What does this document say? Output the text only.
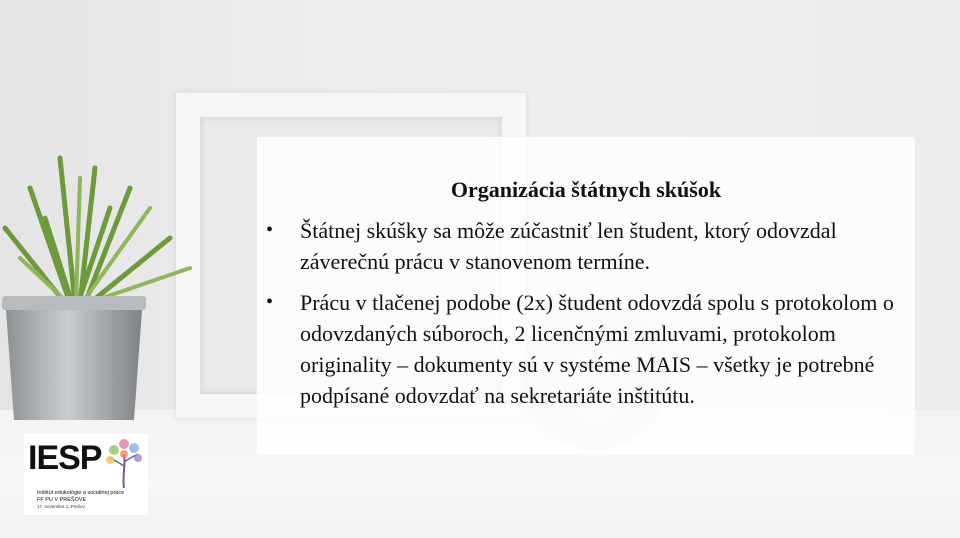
Organizácia štátnych skúšok
• Štátnej skúšky sa môže zúčastniť len študent, ktorý odovzdal záverečnú prácu v stanovenom termíne.
• Prácu v tlačenej podobe (2x) študent odovzdá spolu s protokolom o odovzdaných súboroch, 2 licenčnými zmluvami, protokolom originality – dokumenty sú v systéme MAIS – všetky je potrebné podpísané odovzdať na sekretariáte inštitútu.
IESP
Inštitút edukológie a sociálnej práce
FF PU V PREŠOVE
17. novembra 1, Prešov
